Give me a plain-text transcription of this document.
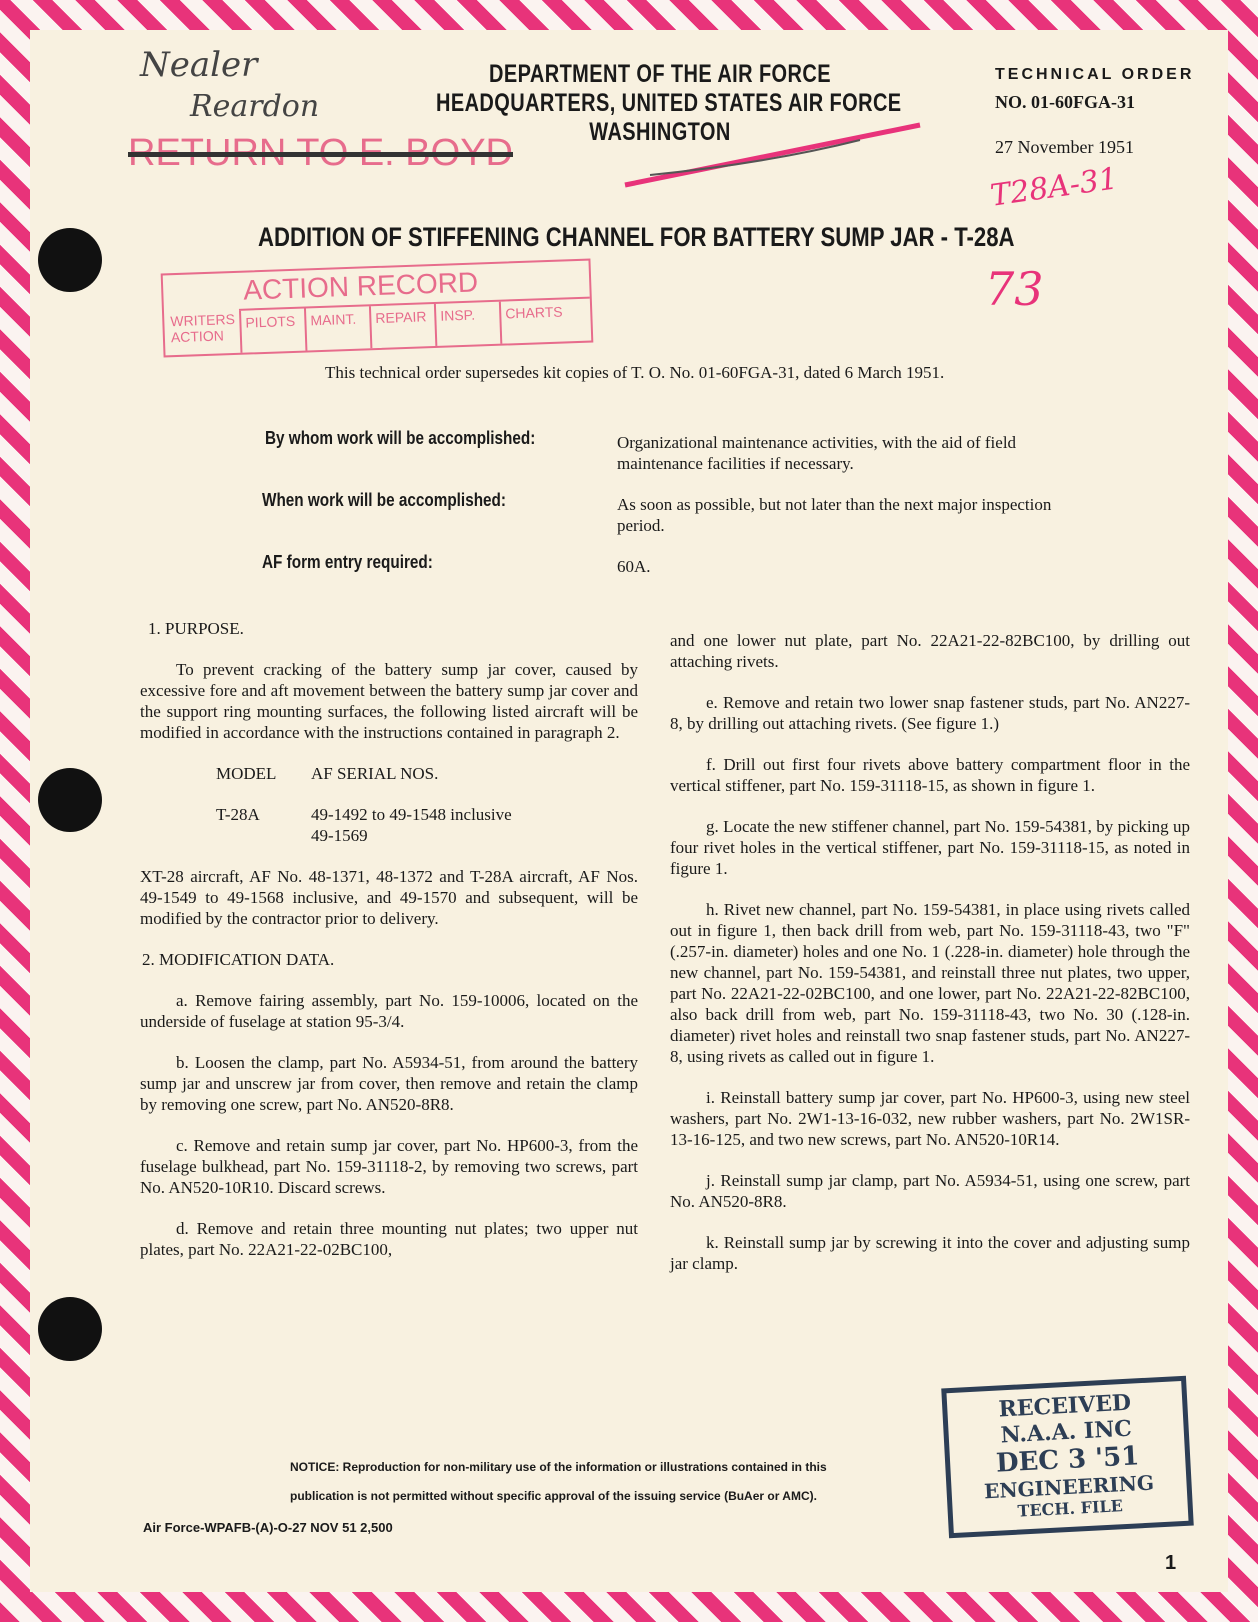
Nealer
Reardon
RETURN TO E. BOYD
DEPARTMENT OF THE AIR FORCE
HEADQUARTERS, UNITED STATES AIR FORCE
WASHINGTON
TECHNICAL ORDER
NO. 01-60FGA-31
27 November 1951
T28A-31
73
ADDITION OF STIFFENING CHANNEL FOR BATTERY SUMP JAR - T-28A
ACTION RECORD
PILOTS	MAINT.	REPAIR INSP.	CHARTS
WRITERS ACTION
This technical order supersedes kit copies of T. O. No. 01-60FGA-31, dated 6 March 1951.
By whom work will be accomplished:	Organizational maintenance activities, with the aid of field maintenance facilities if necessary.
When work will be accomplished:	As soon as possible, but not later than the next major inspection period.
AF form entry required:	60A.
1. PURPOSE.
To prevent cracking of the battery sump jar cover, caused by excessive fore and aft movement between the battery sump jar cover and the support ring mounting surfaces, the following listed aircraft will be modified in accordance with the instructions contained in paragraph 2.
MODEL	AF SERIAL NOS.
T-28A	49-1492 to 49-1548 inclusive
49-1569
XT-28 aircraft, AF No. 48-1371, 48-1372 and T-28A aircraft, AF Nos. 49-1549 to 49-1568 inclusive, and 49-1570 and subsequent, will be modified by the contractor prior to delivery.
2. MODIFICATION DATA.
a. Remove fairing assembly, part No. 159-10006, located on the underside of fuselage at station 95-3/4.
b. Loosen the clamp, part No. A5934-51, from around the battery sump jar and unscrew jar from cover, then remove and retain the clamp by removing one screw, part No. AN520-8R8.
c. Remove and retain sump jar cover, part No. HP600-3, from the fuselage bulkhead, part No. 159-31118-2, by removing two screws, part No. AN520-10R10. Discard screws.
d. Remove and retain three mounting nut plates; two upper nut plates, part No. 22A21-22-02BC100,
and one lower nut plate, part No. 22A21-22-82BC100, by drilling out attaching rivets.
e. Remove and retain two lower snap fastener studs, part No. AN227-8, by drilling out attaching rivets. (See figure 1.)
f. Drill out first four rivets above battery compartment floor in the vertical stiffener, part No. 159-31118-15, as shown in figure 1.
g. Locate the new stiffener channel, part No. 159-54381, by picking up four rivet holes in the vertical stiffener, part No. 159-31118-15, as noted in figure 1.
h. Rivet new channel, part No. 159-54381, in place using rivets called out in figure 1, then back drill from web, part No. 159-31118-43, two "F" (.257-in. diameter) holes and one No. 1 (.228-in. diameter) hole through the new channel, part No. 159-54381, and reinstall three nut plates, two upper, part No. 22A21-22-02BC100, and one lower, part No. 22A21-22-82BC100, also back drill from web, part No. 159-31118-43, two No. 30 (.128-in. diameter) rivet holes and reinstall two snap fastener studs, part No. AN227-8, using rivets as called out in figure 1.
i. Reinstall battery sump jar cover, part No. HP600-3, using new steel washers, part No. 2W1-13-16-032, new rubber washers, part No. 2W1SR-13-16-125, and two new screws, part No. AN520-10R14.
j. Reinstall sump jar clamp, part No. A5934-51, using one screw, part No. AN520-8R8.
k. Reinstall sump jar by screwing it into the cover and adjusting sump jar clamp.
NOTICE: Reproduction for non-military use of the information or illustrations contained in this
publication is not permitted without specific approval of the issuing service (BuAer or AMC).
Air Force-WPAFB-(A)-O-27 NOV 51 2,500
RECEIVED
N.A.A. INC
DEC 3 '51
ENGINEERING
TECH. FILE
1
